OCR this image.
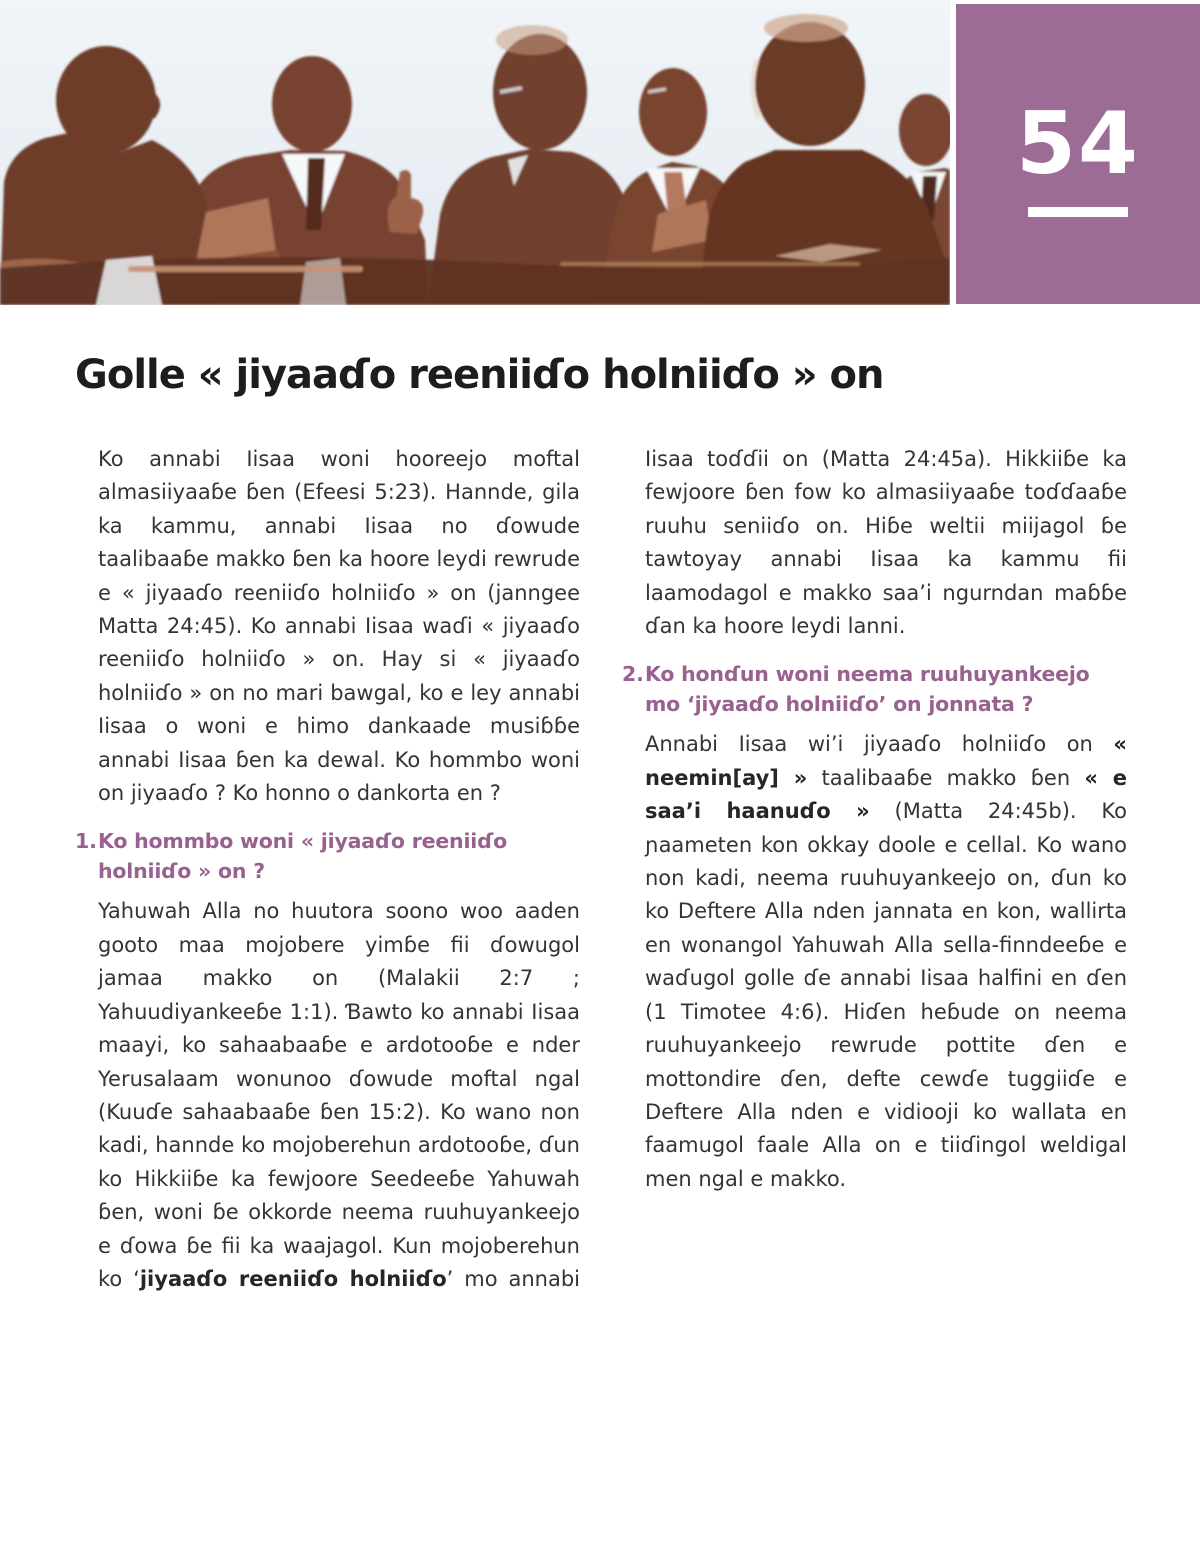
54
Golle « jiyaaɗo reeniiɗo holniiɗo » on

Ko annabi Iisaa woni hooreejo moftal almasiiyaaɓe ɓen (Efeesi 5:23). Hannde, gila ka kammu, annabi Iisaa no ɗowude taalibaaɓe makko ɓen ka hoore leydi rewrude e « jiyaaɗo reeniiɗo holniiɗo » on (janngee Matta 24:45). Ko annabi Iisaa waɗi « jiyaaɗo reeniiɗo holniiɗo » on. Hay si « jiyaaɗo holniiɗo » on no mari bawgal, ko e ley annabi Iisaa o woni e himo dankaade musiɓɓe annabi Iisaa ɓen ka dewal. Ko hommbo woni on jiyaaɗo ? Ko honno o dankorta en ?

1. Ko hommbo woni « jiyaaɗo reeniiɗo holniiɗo » on ?

Yahuwah Alla no huutora soono woo aaden gooto maa mojobere yimɓe fii ɗowugol jamaa makko on (Malakii 2:7 ; Yahuudiyankeeɓe 1:1). Ɓawto ko annabi Iisaa maayi, ko sahaabaaɓe e ardotooɓe e nder Yerusalaam wonunoo ɗowude moftal ngal (Kuuɗe sahaabaaɓe ɓen 15:2). Ko wano non kadi, hannde ko mojoberehun ardotooɓe, ɗun ko Hikkiiɓe ka fewjoore Seedeeɓe Yahuwah ɓen, woni ɓe okkorde neema ruuhuyankeejo e ɗowa ɓe fii ka waajagol. Kun mojoberehun ko ‘jiyaaɗo reeniiɗo holniiɗo’ mo annabi

Iisaa toɗɗii on (Matta 24:45a). Hikkiiɓe ka fewjoore ɓen fow ko almasiiyaaɓe toɗɗaaɓe ruuhu seniiɗo on. Hiɓe weltii miijagol ɓe tawtoyay annabi Iisaa ka kammu fii laamodagol e makko saa’i ngurndan maɓɓe ɗan ka hoore leydi lanni.

2. Ko honɗun woni neema ruuhuyankeejo mo ‘jiyaaɗo holniiɗo’ on jonnata ?

Annabi Iisaa wi’i jiyaaɗo holniiɗo on « neemin[ay] » taalibaaɓe makko ɓen « e saa’i haanuɗo » (Matta 24:45b). Ko ɲaameten kon okkay doole e cellal. Ko wano non kadi, neema ruuhuyankeejo on, ɗun ko ko Deftere Alla nden jannata en kon, wallirta en wonangol Yahuwah Alla sella-finndeeɓe e waɗugol golle ɗe annabi Iisaa halfini en ɗen (1 Timotee 4:6). Hiɗen heɓude on neema ruuhuyankeejo rewrude pottite ɗen e mottondire ɗen, defte cewɗe tuggiiɗe e Deftere Alla nden e vidiooji ko wallata en faamugol faale Alla on e tiiɗingol weldigal men ngal e makko.
